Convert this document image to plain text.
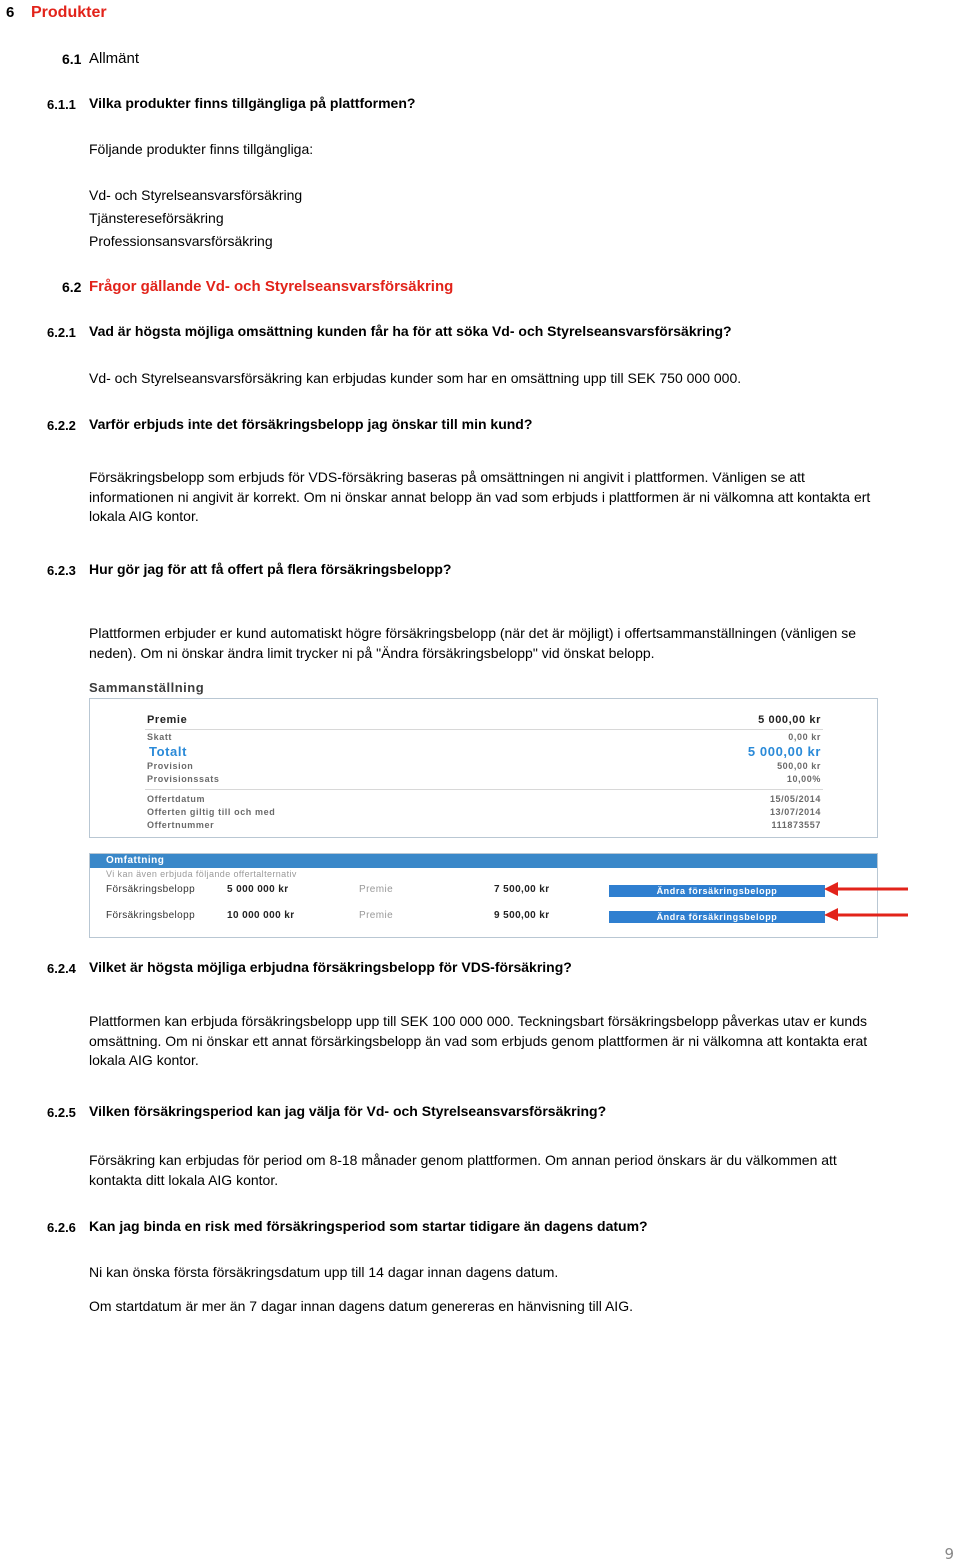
6 Produkter
6.1 Allmänt
6.1.1 Vilka produkter finns tillgängliga på plattformen?
Följande produkter finns tillgängliga:
Vd- och Styrelseansvarsförsäkring
Tjänstereseförsäkring
Professionsansvarsförsäkring
6.2 Frågor gällande Vd- och Styrelseansvarsförsäkring
6.2.1 Vad är högsta möjliga omsättning kunden får ha för att söka Vd- och Styrelseansvarsförsäkring?
Vd- och Styrelseansvarsförsäkring kan erbjudas kunder som har en omsättning upp till SEK 750 000 000.
6.2.2 Varför erbjuds inte det försäkringsbelopp jag önskar till min kund?
Försäkringsbelopp som erbjuds för VDS-försäkring baseras på omsättningen ni angivit i plattformen. Vänligen se att informationen ni angivit är korrekt. Om ni önskar annat belopp än vad som erbjuds i plattformen är ni välkomna att kontakta ert lokala AIG kontor.
6.2.3 Hur gör jag för att få offert på flera försäkringsbelopp?
Plattformen erbjuder er kund automatiskt högre försäkringsbelopp (när det är möjligt) i offertsammanställningen (vänligen se neden). Om ni önskar ändra limit trycker ni på "Ändra försäkringsbelopp" vid önskat belopp.
Sammanställning
Premie	5 000,00 kr
Skatt	0,00 kr
Totalt	5 000,00 kr
Provision	500,00 kr
Provisionssats	10,00%
Offertdatum	15/05/2014
Offerten giltig till och med	13/07/2014
Offertnummer	111873557
Omfattning
Vi kan även erbjuda följande offertalternativ
Försäkringsbelopp	5 000 000 kr	Premie	7 500,00 kr	Ändra försäkringsbelopp
Försäkringsbelopp	10 000 000 kr	Premie	9 500,00 kr	Ändra försäkringsbelopp
6.2.4 Vilket är högsta möjliga erbjudna försäkringsbelopp för VDS-försäkring?
Plattformen kan erbjuda försäkringsbelopp upp till SEK 100 000 000. Teckningsbart försäkringsbelopp påverkas utav er kunds omsättning. Om ni önskar ett annat försärkingsbelopp än vad som erbjuds genom plattformen är ni välkomna att kontakta erat lokala AIG kontor.
6.2.5 Vilken försäkringsperiod kan jag välja för Vd- och Styrelseansvarsförsäkring?
Försäkring kan erbjudas för period om 8-18 månader genom plattformen. Om annan period önskars är du välkommen att kontakta ditt lokala AIG kontor.
6.2.6 Kan jag binda en risk med försäkringsperiod som startar tidigare än dagens datum?
Ni kan önska första försäkringsdatum upp till 14 dagar innan dagens datum.
Om startdatum är mer än 7 dagar innan dagens datum genereras en hänvisning till AIG.
9
